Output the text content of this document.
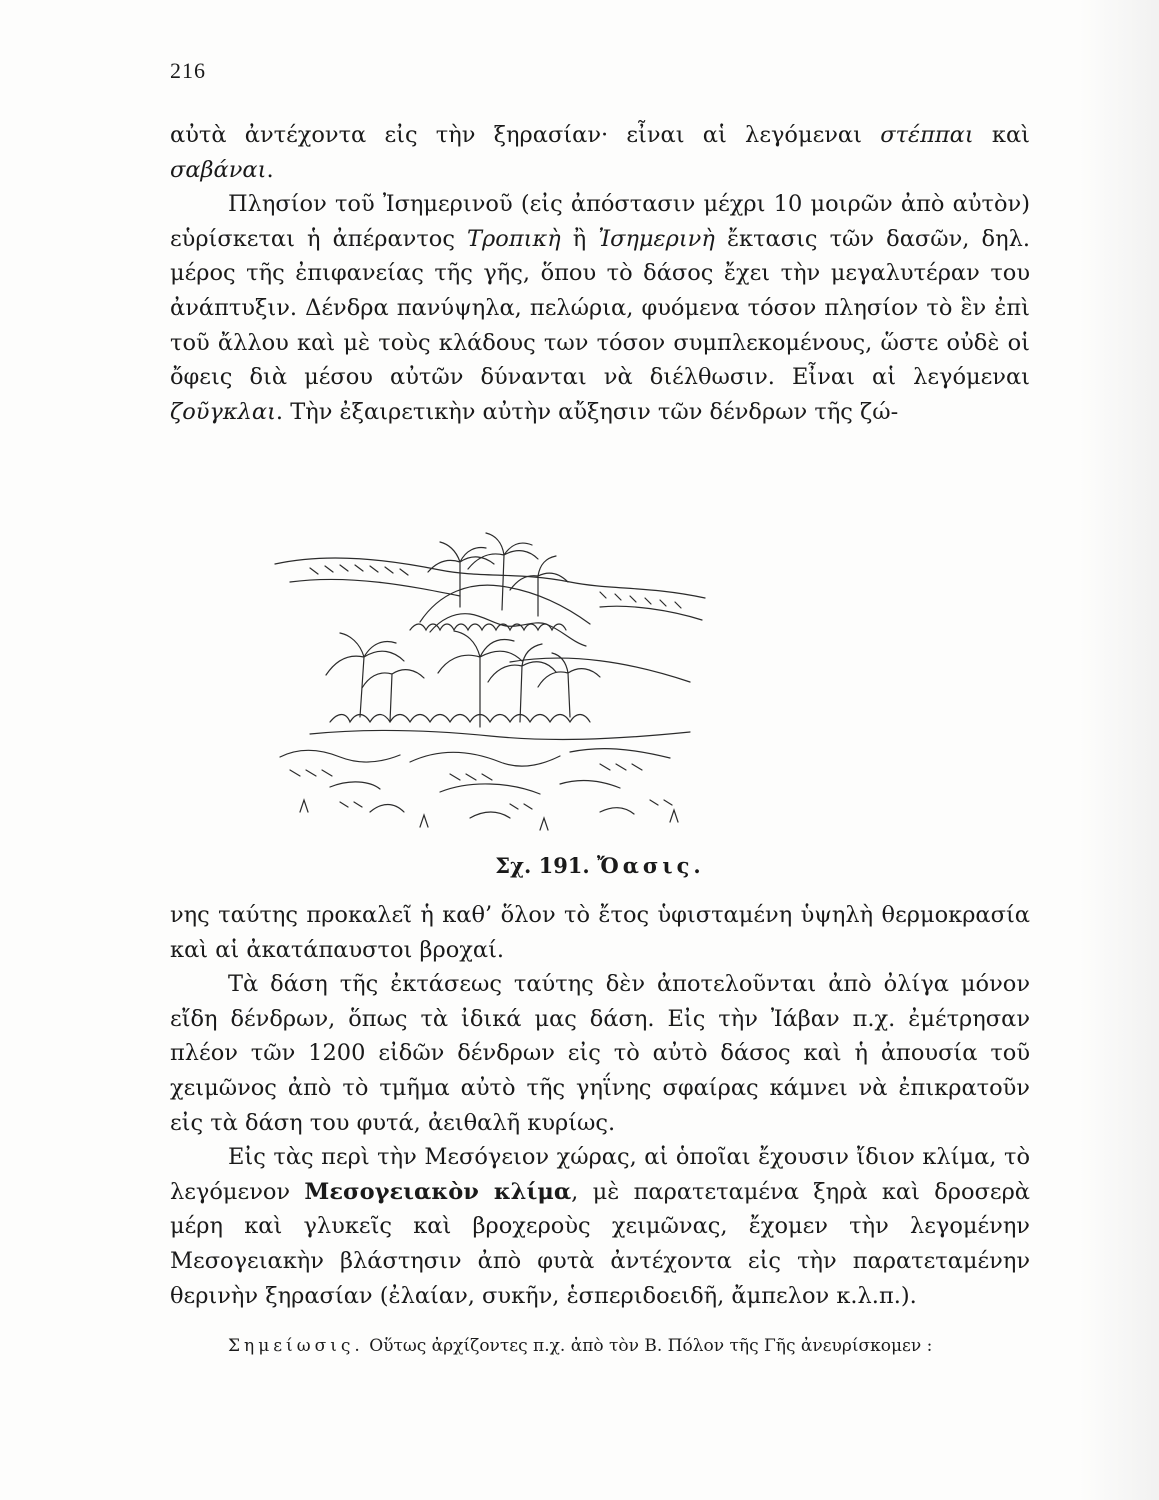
216

αὐτὰ ἀντέχοντα εἰς τὴν ξηρασίαν· εἶναι αἱ λεγόμεναι στέππαι καὶ σαβάναι.

Πλησίον τοῦ Ἰσημερινοῦ (εἰς ἀπόστασιν μέχρι 10 μοιρῶν ἀπὸ αὐτὸν) εὑρίσκεται ἡ ἀπέραντος Τροπικὴ ἢ Ἰσημερινὴ ἔκτασις τῶν δασῶν, δηλ. μέρος τῆς ἐπιφανείας τῆς γῆς, ὅπου τὸ δάσος ἔχει τὴν μεγαλυτέραν του ἀνάπτυξιν. Δένδρα πανύψηλα, πελώρια, φυόμενα τόσον πλησίον τὸ ἓν ἐπὶ τοῦ ἄλλου καὶ μὲ τοὺς κλάδους των τόσον συμπλεκομένους, ὥστε οὐδὲ οἱ ὄφεις διὰ μέσου αὐτῶν δύνανται νὰ διέλθωσιν. Εἶναι αἱ λεγόμεναι ζοῦγκλαι. Τὴν ἐξαιρετικὴν αὐτὴν αὔξησιν τῶν δένδρων τῆς ζώ-

Σχ. 191. Ὄασις.

νης ταύτης προκαλεῖ ἡ καθ’ ὅλον τὸ ἔτος ὑφισταμένη ὑψηλὴ θερμοκρασία καὶ αἱ ἀκατάπαυστοι βροχαί.

Τὰ δάση τῆς ἐκτάσεως ταύτης δὲν ἀποτελοῦνται ἀπὸ ὀλίγα μόνον εἴδη δένδρων, ὅπως τὰ ἰδικά μας δάση. Εἰς τὴν Ἰάβαν π.χ. ἐμέτρησαν πλέον τῶν 1200 εἰδῶν δένδρων εἰς τὸ αὐτὸ δάσος καὶ ἡ ἀπουσία τοῦ χειμῶνος ἀπὸ τὸ τμῆμα αὐτὸ τῆς γηΐνης σφαίρας κάμνει νὰ ἐπικρατοῦν εἰς τὰ δάση του φυτά, ἀειθαλῆ κυρίως.

Εἰς τὰς περὶ τὴν Μεσόγειον χώρας, αἱ ὁποῖαι ἔχουσιν ἴδιον κλίμα, τὸ λεγόμενον Μεσογειακὸν κλίμα, μὲ παρατεταμένα ξηρὰ καὶ δροσερὰ μέρη καὶ γλυκεῖς καὶ βροχεροὺς χειμῶνας, ἔχομεν τὴν λεγομένην Μεσογειακὴν βλάστησιν ἀπὸ φυτὰ ἀντέχοντα εἰς τὴν παρατεταμένην θερινὴν ξηρασίαν (ἐλαίαν, συκῆν, ἑσπεριδοειδῆ, ἄμπελον κ.λ.π.).

Σημείωσις. Οὕτως ἀρχίζοντες π.χ. ἀπὸ τὸν Β. Πόλον τῆς Γῆς ἀνευρίσκομεν :
